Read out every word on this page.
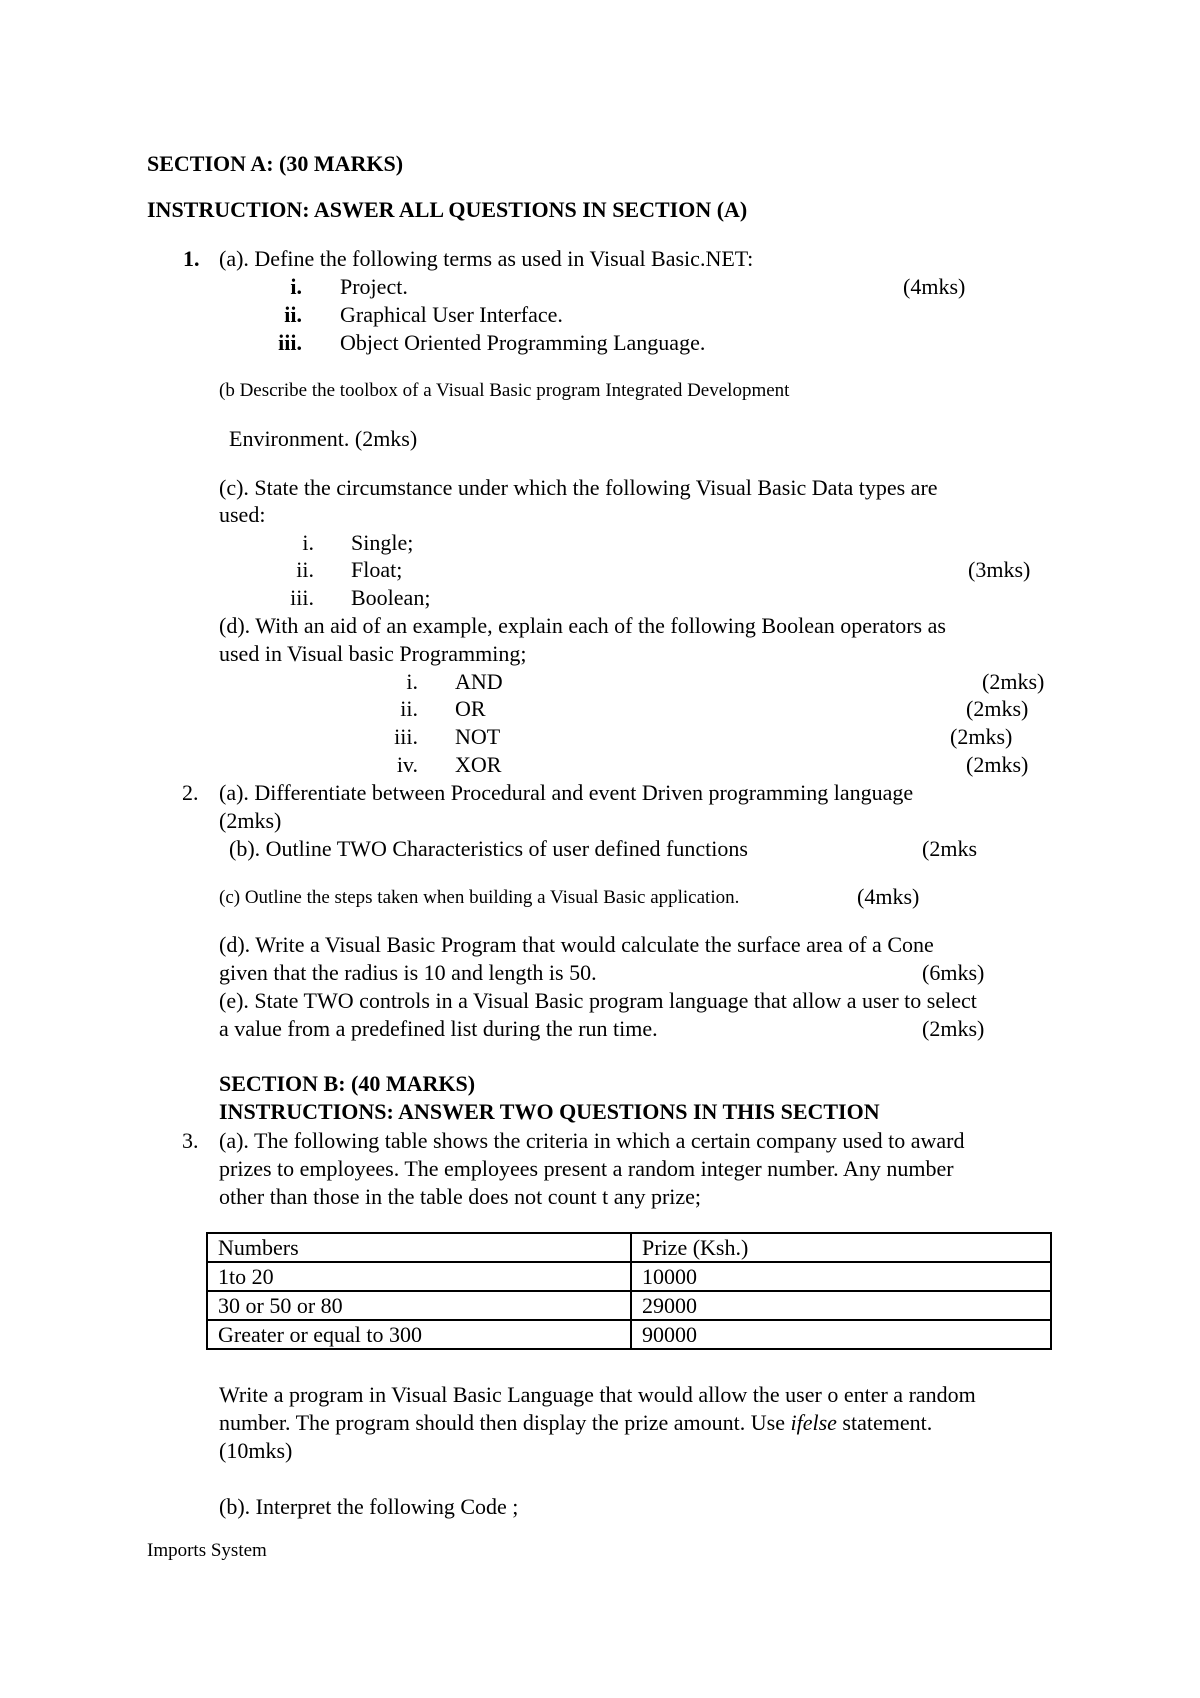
SECTION A: (30 MARKS)
INSTRUCTION: ASWER ALL QUESTIONS IN SECTION (A)
1. (a). Define the following terms as used in Visual Basic.NET:
i. Project.	(4mks)
ii. Graphical User Interface.
iii. Object Oriented Programming Language.
(b Describe the toolbox of a Visual Basic program Integrated Development
Environment. (2mks)
(c). State the circumstance under which the following Visual Basic Data types are
used:
i. Single;
ii. Float;	(3mks)
iii. Boolean;
(d). With an aid of an example, explain each of the following Boolean operators as
used in Visual basic Programming;
i. AND	(2mks)
ii. OR	(2mks)
iii. NOT	(2mks)
iv. XOR	(2mks)
2. (a). Differentiate between Procedural and event Driven programming language
(2mks)
(b). Outline TWO Characteristics of user defined functions	(2mks
(c) Outline the steps taken when building a Visual Basic application.	(4mks)
(d). Write a Visual Basic Program that would calculate the surface area of a Cone
given that the radius is 10 and length is 50.	(6mks)
(e). State TWO controls in a Visual Basic program language that allow a user to select
a value from a predefined list during the run time.	(2mks)
SECTION B: (40 MARKS)
INSTRUCTIONS: ANSWER TWO QUESTIONS IN THIS SECTION
3. (a). The following table shows the criteria in which a certain company used to award
prizes to employees. The employees present a random integer number. Any number
other than those in the table does not count t any prize;
Numbers	Prize (Ksh.)
1to 20	10000
30 or 50 or 80	29000
Greater or equal to 300	90000
Write a program in Visual Basic Language that would allow the user o enter a random
number. The program should then display the prize amount. Use ifelse statement.
(10mks)
(b). Interpret the following Code ;
Imports System
